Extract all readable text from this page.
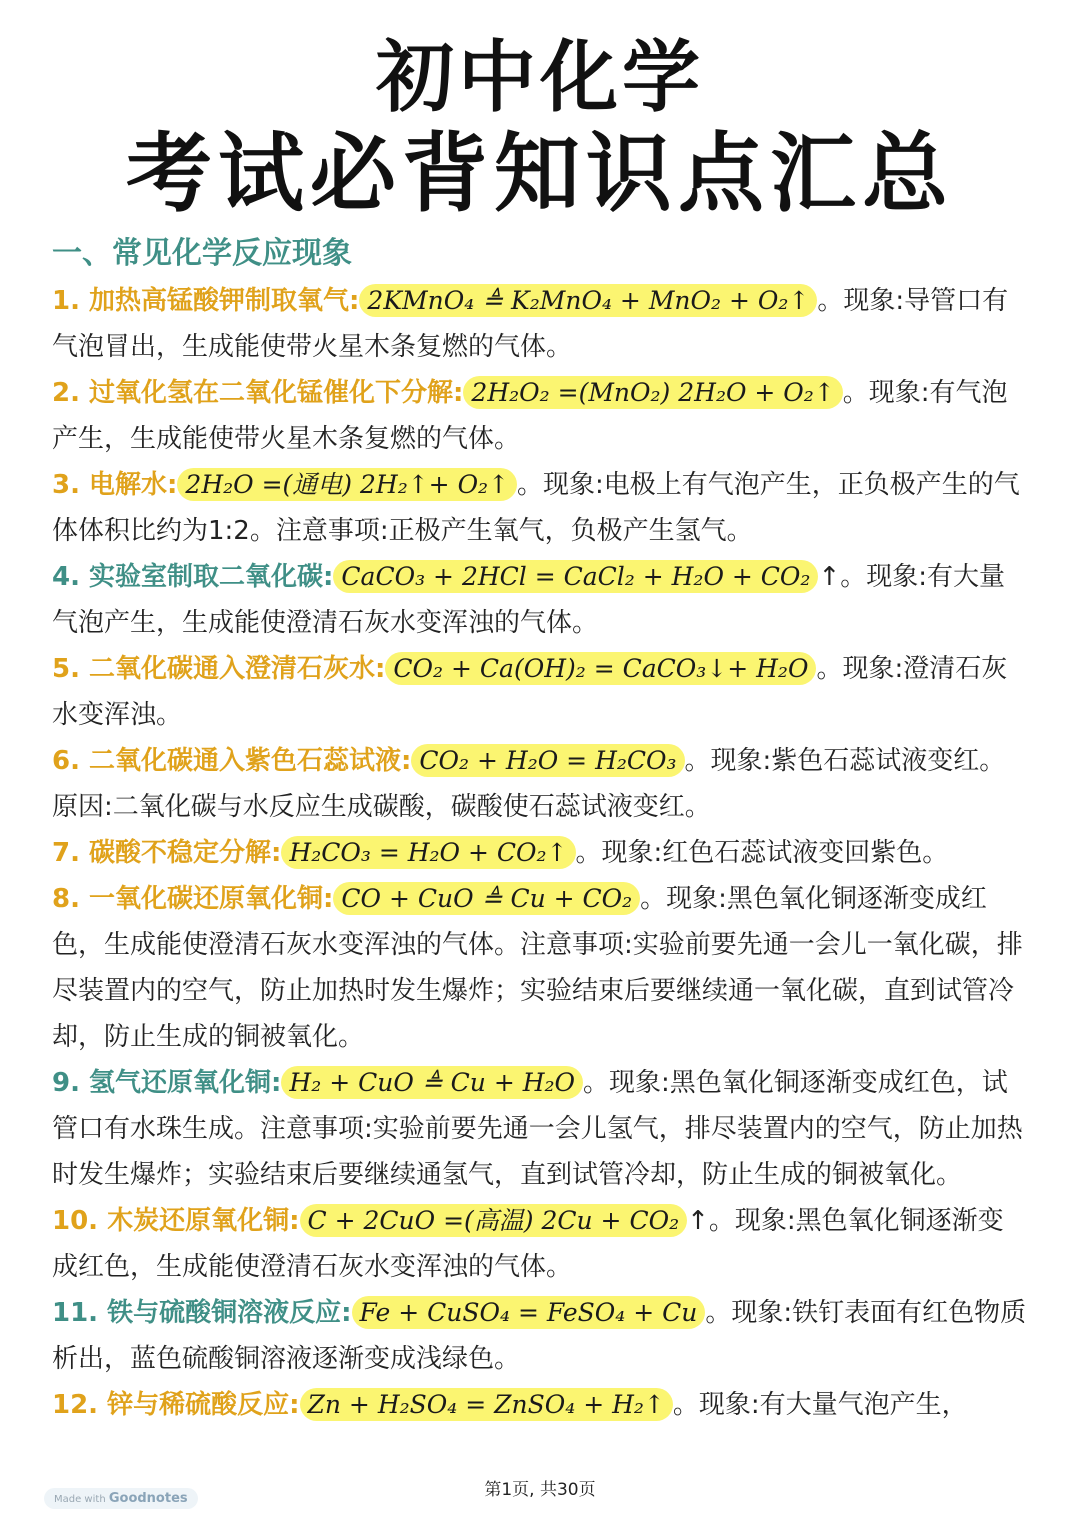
初中化学
考试必背知识点汇总
一、常见化学反应现象

1. 加热高锰酸钾制取氧气: 2KMnO₄ ≜ K₂MnO₄ + MnO₂ + O₂↑ 。现象:导管口有气泡冒出，生成能使带火星木条复燃的气体。

2. 过氧化氢在二氧化锰催化下分解: 2H₂O₂ =(MnO₂) 2H₂O + O₂↑ 。现象:有气泡产生，生成能使带火星木条复燃的气体。

3. 电解水: 2H₂O =(通电) 2H₂↑+ O₂↑ 。现象:电极上有气泡产生，正负极产生的气体体积比约为1:2。注意事项:正极产生氧气，负极产生氢气。

4. 实验室制取二氧化碳: CaCO₃ + 2HCl = CaCl₂ + H₂O + CO₂ ↑。现象:有大量气泡产生，生成能使澄清石灰水变浑浊的气体。

5. 二氧化碳通入澄清石灰水: CO₂ + Ca(OH)₂ = CaCO₃↓+ H₂O 。现象:澄清石灰水变浑浊。

6. 二氧化碳通入紫色石蕊试液: CO₂ + H₂O = H₂CO₃ 。现象:紫色石蕊试液变红。原因:二氧化碳与水反应生成碳酸，碳酸使石蕊试液变红。

7. 碳酸不稳定分解: H₂CO₃ = H₂O + CO₂↑ 。现象:红色石蕊试液变回紫色。

8. 一氧化碳还原氧化铜: CO + CuO ≜ Cu + CO₂ 。现象:黑色氧化铜逐渐变成红色，生成能使澄清石灰水变浑浊的气体。注意事项:实验前要先通一会儿一氧化碳，排尽装置内的空气，防止加热时发生爆炸；实验结束后要继续通一氧化碳，直到试管冷却，防止生成的铜被氧化。

9. 氢气还原氧化铜: H₂ + CuO ≜ Cu + H₂O 。现象:黑色氧化铜逐渐变成红色，试管口有水珠生成。注意事项:实验前要先通一会儿氢气，排尽装置内的空气，防止加热时发生爆炸；实验结束后要继续通氢气，直到试管冷却，防止生成的铜被氧化。

10. 木炭还原氧化铜: C + 2CuO =(高温) 2Cu + CO₂ ↑。现象:黑色氧化铜逐渐变成红色，生成能使澄清石灰水变浑浊的气体。

11. 铁与硫酸铜溶液反应: Fe + CuSO₄ = FeSO₄ + Cu 。现象:铁钉表面有红色物质析出，蓝色硫酸铜溶液逐渐变成浅绿色。

12. 锌与稀硫酸反应: Zn + H₂SO₄ = ZnSO₄ + H₂↑ 。现象:有大量气泡产生，

第1页, 共30页
Made with Goodnotes
